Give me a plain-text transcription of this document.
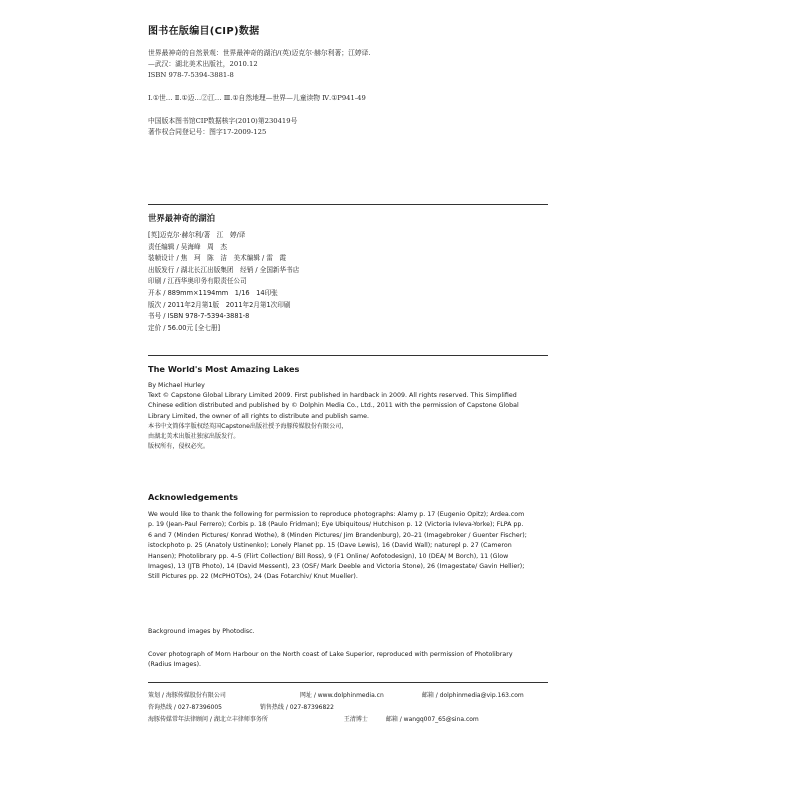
图书在版编目(CIP)数据
世界最神奇的自然景观：世界最神奇的湖泊/(英)迈克尔·赫尔利著；江婷译.
—武汉：湖北美术出版社，2010.12
ISBN 978-7-5394-3881-8
Ⅰ.①世… Ⅱ.①迈…②江… Ⅲ.①自然地理—世界—儿童读物 Ⅳ.①P941-49
中国版本图书馆CIP数据核字(2010)第230419号
著作权合同登记号：图字17-2009-125
世界最神奇的湖泊
[英]迈克尔·赫尔利/著　江　婷/译
责任编辑 / 吴海峰　周　杰
装帧设计 / 焦　珂　陈　洁　美术编辑 / 雷　霞
出版发行 / 湖北长江出版集团　经销 / 全国新华书店
印刷 / 江西华奥印务有限责任公司
开本 / 889mm×1194mm　1/16　14印张
版次 / 2011年2月第1版　2011年2月第1次印刷
书号 / ISBN 978-7-5394-3881-8
定价 / 56.00元 [全七册]
The World's Most Amazing Lakes

By Michael Hurley

Text © Capstone Global Library Limited 2009. First published in hardback in 2009. All rights reserved. This Simplified Chinese edition distributed and published by © Dolphin Media Co., Ltd., 2011 with the permission of Capstone Global Library Limited, the owner of all rights to distribute and publish same.

本书中文简体字版权经英国Capstone出版社授予海豚传媒股份有限公司，

由湖北美术出版社独家出版发行。

版权所有，侵权必究。

Acknowledgements
We would like to thank the following for permission to reproduce photographs: Alamy p. 17 (Eugenio Opitz); Ardea.com p. 19 (Jean-Paul Ferrero); Corbis p. 18 (Paulo Fridman); Eye Ubiquitous/ Hutchison p. 12 (Victoria Ivleva-Yorke); FLPA pp. 6 and 7 (Minden Pictures/ Konrad Wothe), 8 (Minden Pictures/ Jim Brandenburg), 20–21 (Imagebroker / Guenter Fischer); istockphoto p. 25 (Anatoly Ustinenko); Lonely Planet pp. 15 (Dave Lewis), 16 (David Wall); naturepl p. 27 (Cameron Hansen); Photolibrary pp. 4–5 (Flirt Collection/ Bill Ross), 9 (F1 Online/ Aofotodesign), 10 (DEA/ M Borch), 11 (Glow Images), 13 (JTB Photo), 14 (David Messent), 23 (OSF/ Mark Deeble and Victoria Stone), 26 (Imagestate/ Gavin Hellier); Still Pictures pp. 22 (McPHOTOs), 24 (Das Fotarchiv/ Knut Mueller).
Background images by Photodisc.
Cover photograph of Morn Harbour on the North coast of Lake Superior, reproduced with permission of Photolibrary (Radius Images).
策划 / 海豚传媒股份有限公司	网址 / www.dolphinmedia.cn	邮箱 / dolphinmedia@vip.163.com
咨询热线 / 027-87396005	销售热线 / 027-87396822
海豚传媒常年法律顾问 / 湖北立丰律师事务所	王清博士	邮箱 / wangq007_65@sina.com
